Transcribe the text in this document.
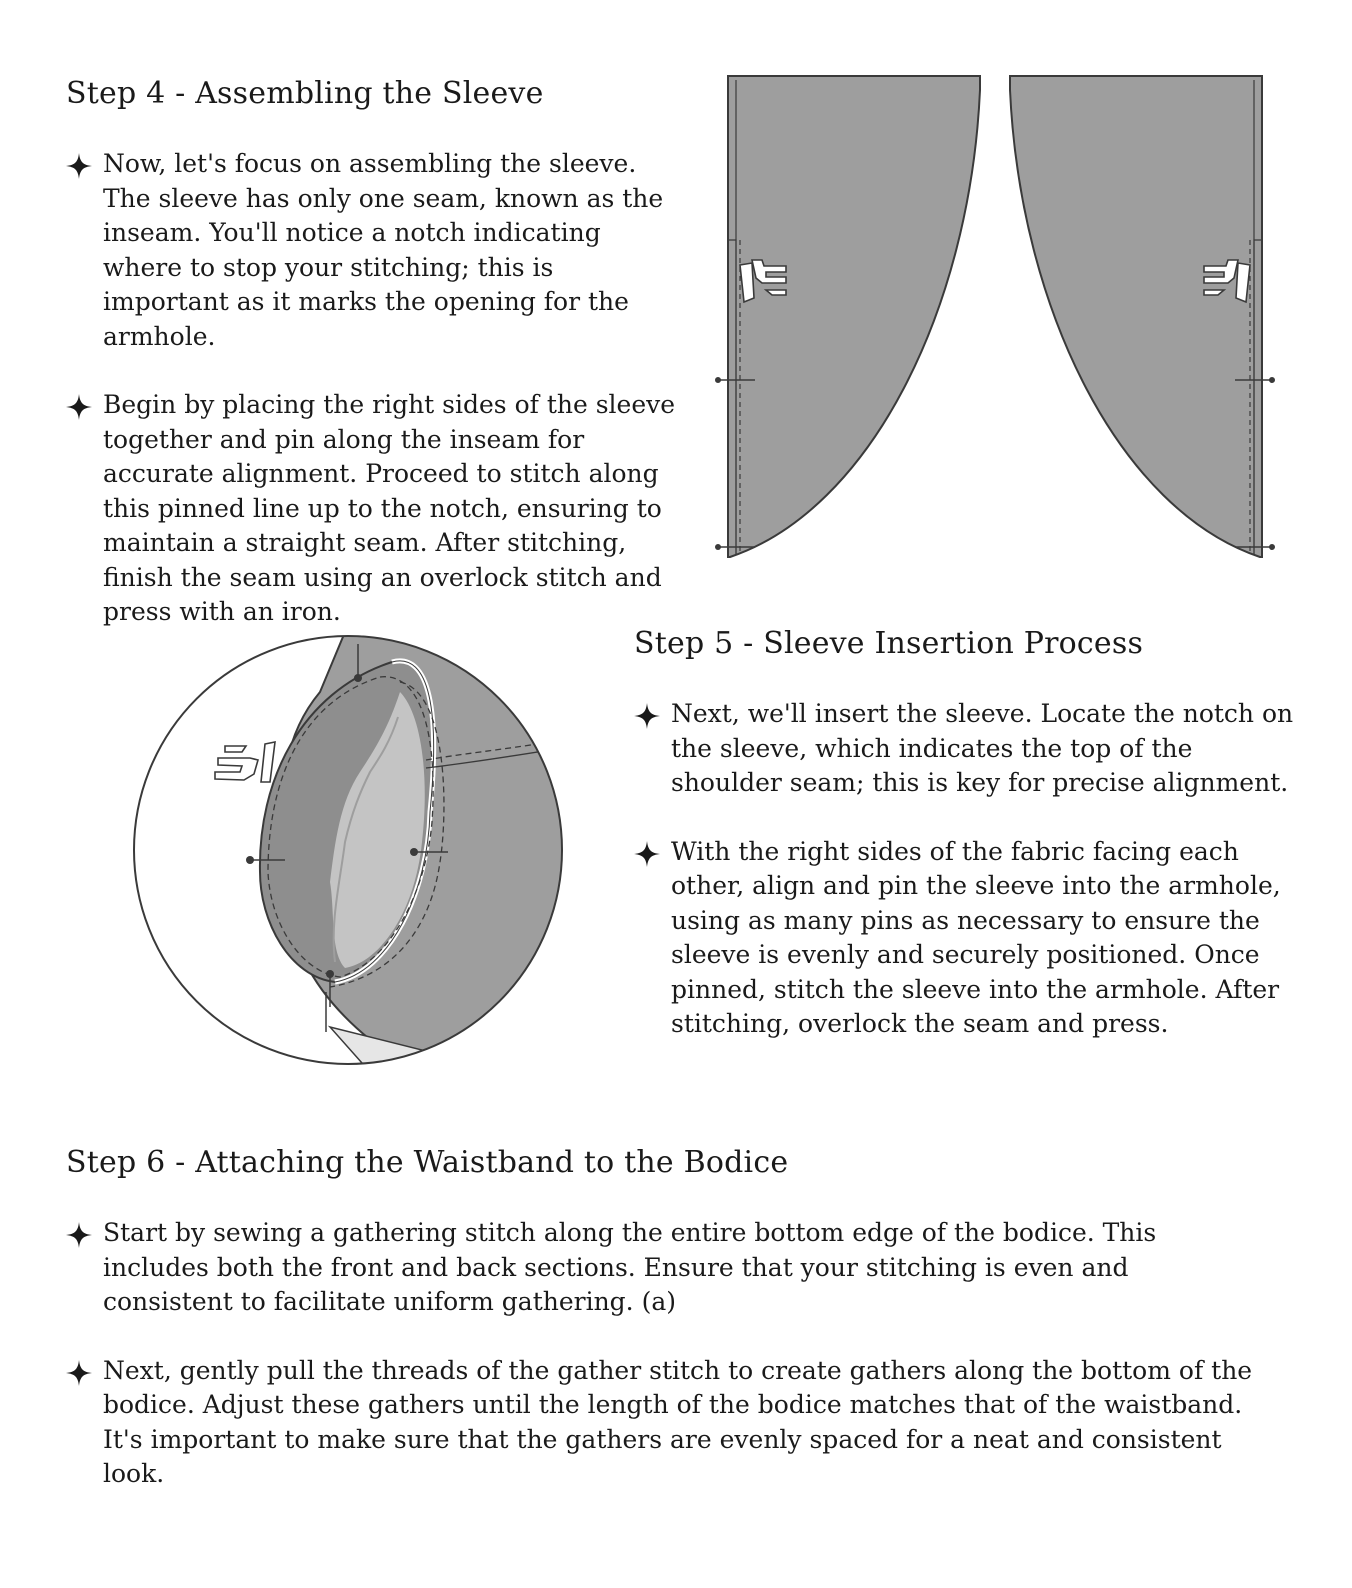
Step 4 - Assembling the Sleeve

Now, let's focus on assembling the sleeve. The sleeve has only one seam, known as the inseam. You'll notice a notch indicating where to stop your stitching; this is important as it marks the opening for the armhole.

Begin by placing the right sides of the sleeve together and pin along the inseam for accurate alignment. Proceed to stitch along this pinned line up to the notch, ensuring to maintain a straight seam. After stitching, finish the seam using an overlock stitch and press with an iron.

Step 5 - Sleeve Insertion Process

Next, we'll insert the sleeve. Locate the notch on the sleeve, which indicates the top of the shoulder seam; this is key for precise alignment.

With the right sides of the fabric facing each other, align and pin the sleeve into the armhole, using as many pins as necessary to ensure the sleeve is evenly and securely positioned. Once pinned, stitch the sleeve into the armhole. After stitching, overlock the seam and press.

Step 6 - Attaching the Waistband to the Bodice

Start by sewing a gathering stitch along the entire bottom edge of the bodice. This includes both the front and back sections. Ensure that your stitching is even and consistent to facilitate uniform gathering. (a)

Next, gently pull the threads of the gather stitch to create gathers along the bottom of the bodice. Adjust these gathers until the length of the bodice matches that of the waistband. It's important to make sure that the gathers are evenly spaced for a neat and consistent look.
